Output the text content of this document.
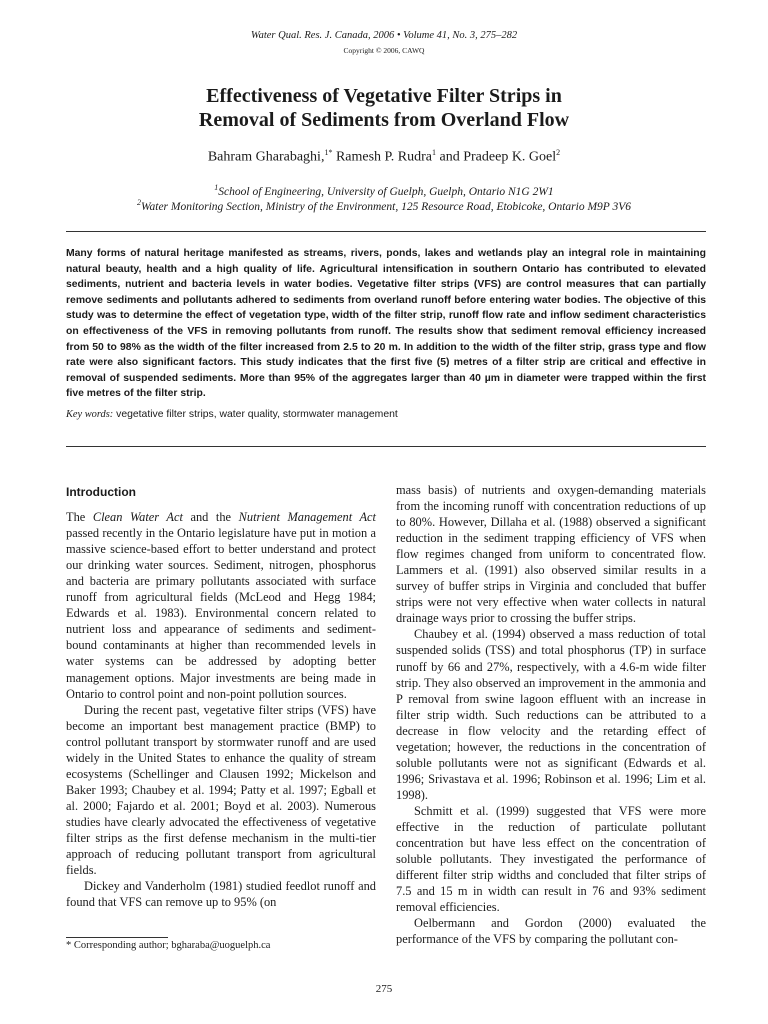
Water Qual. Res. J. Canada, 2006 • Volume 41, No. 3, 275–282
Copyright © 2006, CAWQ
Effectiveness of Vegetative Filter Strips in
Removal of Sediments from Overland Flow
Bahram Gharabaghi,$^{1*}$ Ramesh P. Rudra$^1$ and Pradeep K. Goel$^2$
$^1$School of Engineering, University of Guelph, Guelph, Ontario N1G 2W1
$^2$Water Monitoring Section, Ministry of the Environment, 125 Resource Road, Etobicoke, Ontario M9P 3V6

Many forms of natural heritage manifested as streams, rivers, ponds, lakes and wetlands play an integral role in maintaining natural beauty, health and a high quality of life. Agricultural intensification in southern Ontario has contributed to elevated sediments, nutrient and bacteria levels in water bodies. Vegetative filter strips (VFS) are control measures that can partially remove sediments and pollutants adhered to sediments from overland runoff before entering water bodies. The objective of this study was to determine the effect of vegetation type, width of the filter strip, runoff flow rate and inflow sediment characteristics on effectiveness of the VFS in removing pollutants from runoff. The results show that sediment removal efficiency increased from 50 to 98% as the width of the filter increased from 2.5 to 20 m. In addition to the width of the filter strip, grass type and flow rate were also significant factors. This study indicates that the first five (5) metres of a filter strip are critical and effective in removal of suspended sediments. More than 95% of the aggregates larger than 40 µm in diameter were trapped within the first five metres of the filter strip.

Key words: vegetative filter strips, water quality, stormwater management

Introduction

The Clean Water Act and the Nutrient Management Act passed recently in the Ontario legislature have put in motion a massive science-based effort to better understand and protect our drinking water sources. Sediment, nitrogen, phosphorus and bacteria are primary pollutants associated with surface runoff from agricultural fields (McLeod and Hegg 1984; Edwards et al. 1983). Environmental concern related to nutrient loss and appearance of sediments and sediment-bound contaminants at higher than recommended levels in water systems can be addressed by adopting better management options. Major investments are being made in Ontario to control point and non-point pollution sources.

During the recent past, vegetative filter strips (VFS) have become an important best management practice (BMP) to control pollutant transport by stormwater runoff and are used widely in the United States to enhance the quality of stream ecosystems (Schellinger and Clausen 1992; Mickelson and Baker 1993; Chaubey et al. 1994; Patty et al. 1997; Egball et al. 2000; Fajardo et al. 2001; Boyd et al. 2003). Numerous studies have clearly advocated the effectiveness of vegetative filter strips as the first defense mechanism in the multi-tier approach of reducing pollutant transport from agricultural fields.

Dickey and Vanderholm (1981) studied feedlot runoff and found that VFS can remove up to 95% (on

mass basis) of nutrients and oxygen-demanding materials from the incoming runoff with concentration reductions of up to 80%. However, Dillaha et al. (1988) observed a significant reduction in the sediment trapping efficiency of VFS when flow regimes changed from uniform to concentrated flow. Lammers et al. (1991) also observed similar results in a survey of buffer strips in Virginia and concluded that buffer strips were not very effective when water collects in natural drainage ways prior to crossing the buffer strips.

Chaubey et al. (1994) observed a mass reduction of total suspended solids (TSS) and total phosphorus (TP) in surface runoff by 66 and 27%, respectively, with a 4.6-m wide filter strip. They also observed an improvement in the ammonia and P removal from swine lagoon effluent with an increase in filter strip width. Such reductions can be attributed to a decrease in flow velocity and the retarding effect of vegetation; however, the reductions in the concentration of soluble pollutants were not as significant (Edwards et al. 1996; Srivastava et al. 1996; Robinson et al. 1996; Lim et al. 1998).

Schmitt et al. (1999) suggested that VFS were more effective in the reduction of particulate pollutant concentration but have less effect on the concentration of soluble pollutants. They investigated the performance of different filter strip widths and concluded that filter strips of 7.5 and 15 m in width can result in 76 and 93% sediment removal efficiencies.

Oelbermann and Gordon (2000) evaluated the performance of the VFS by comparing the pollutant con-

* Corresponding author; bgharaba@uoguelph.ca
275
